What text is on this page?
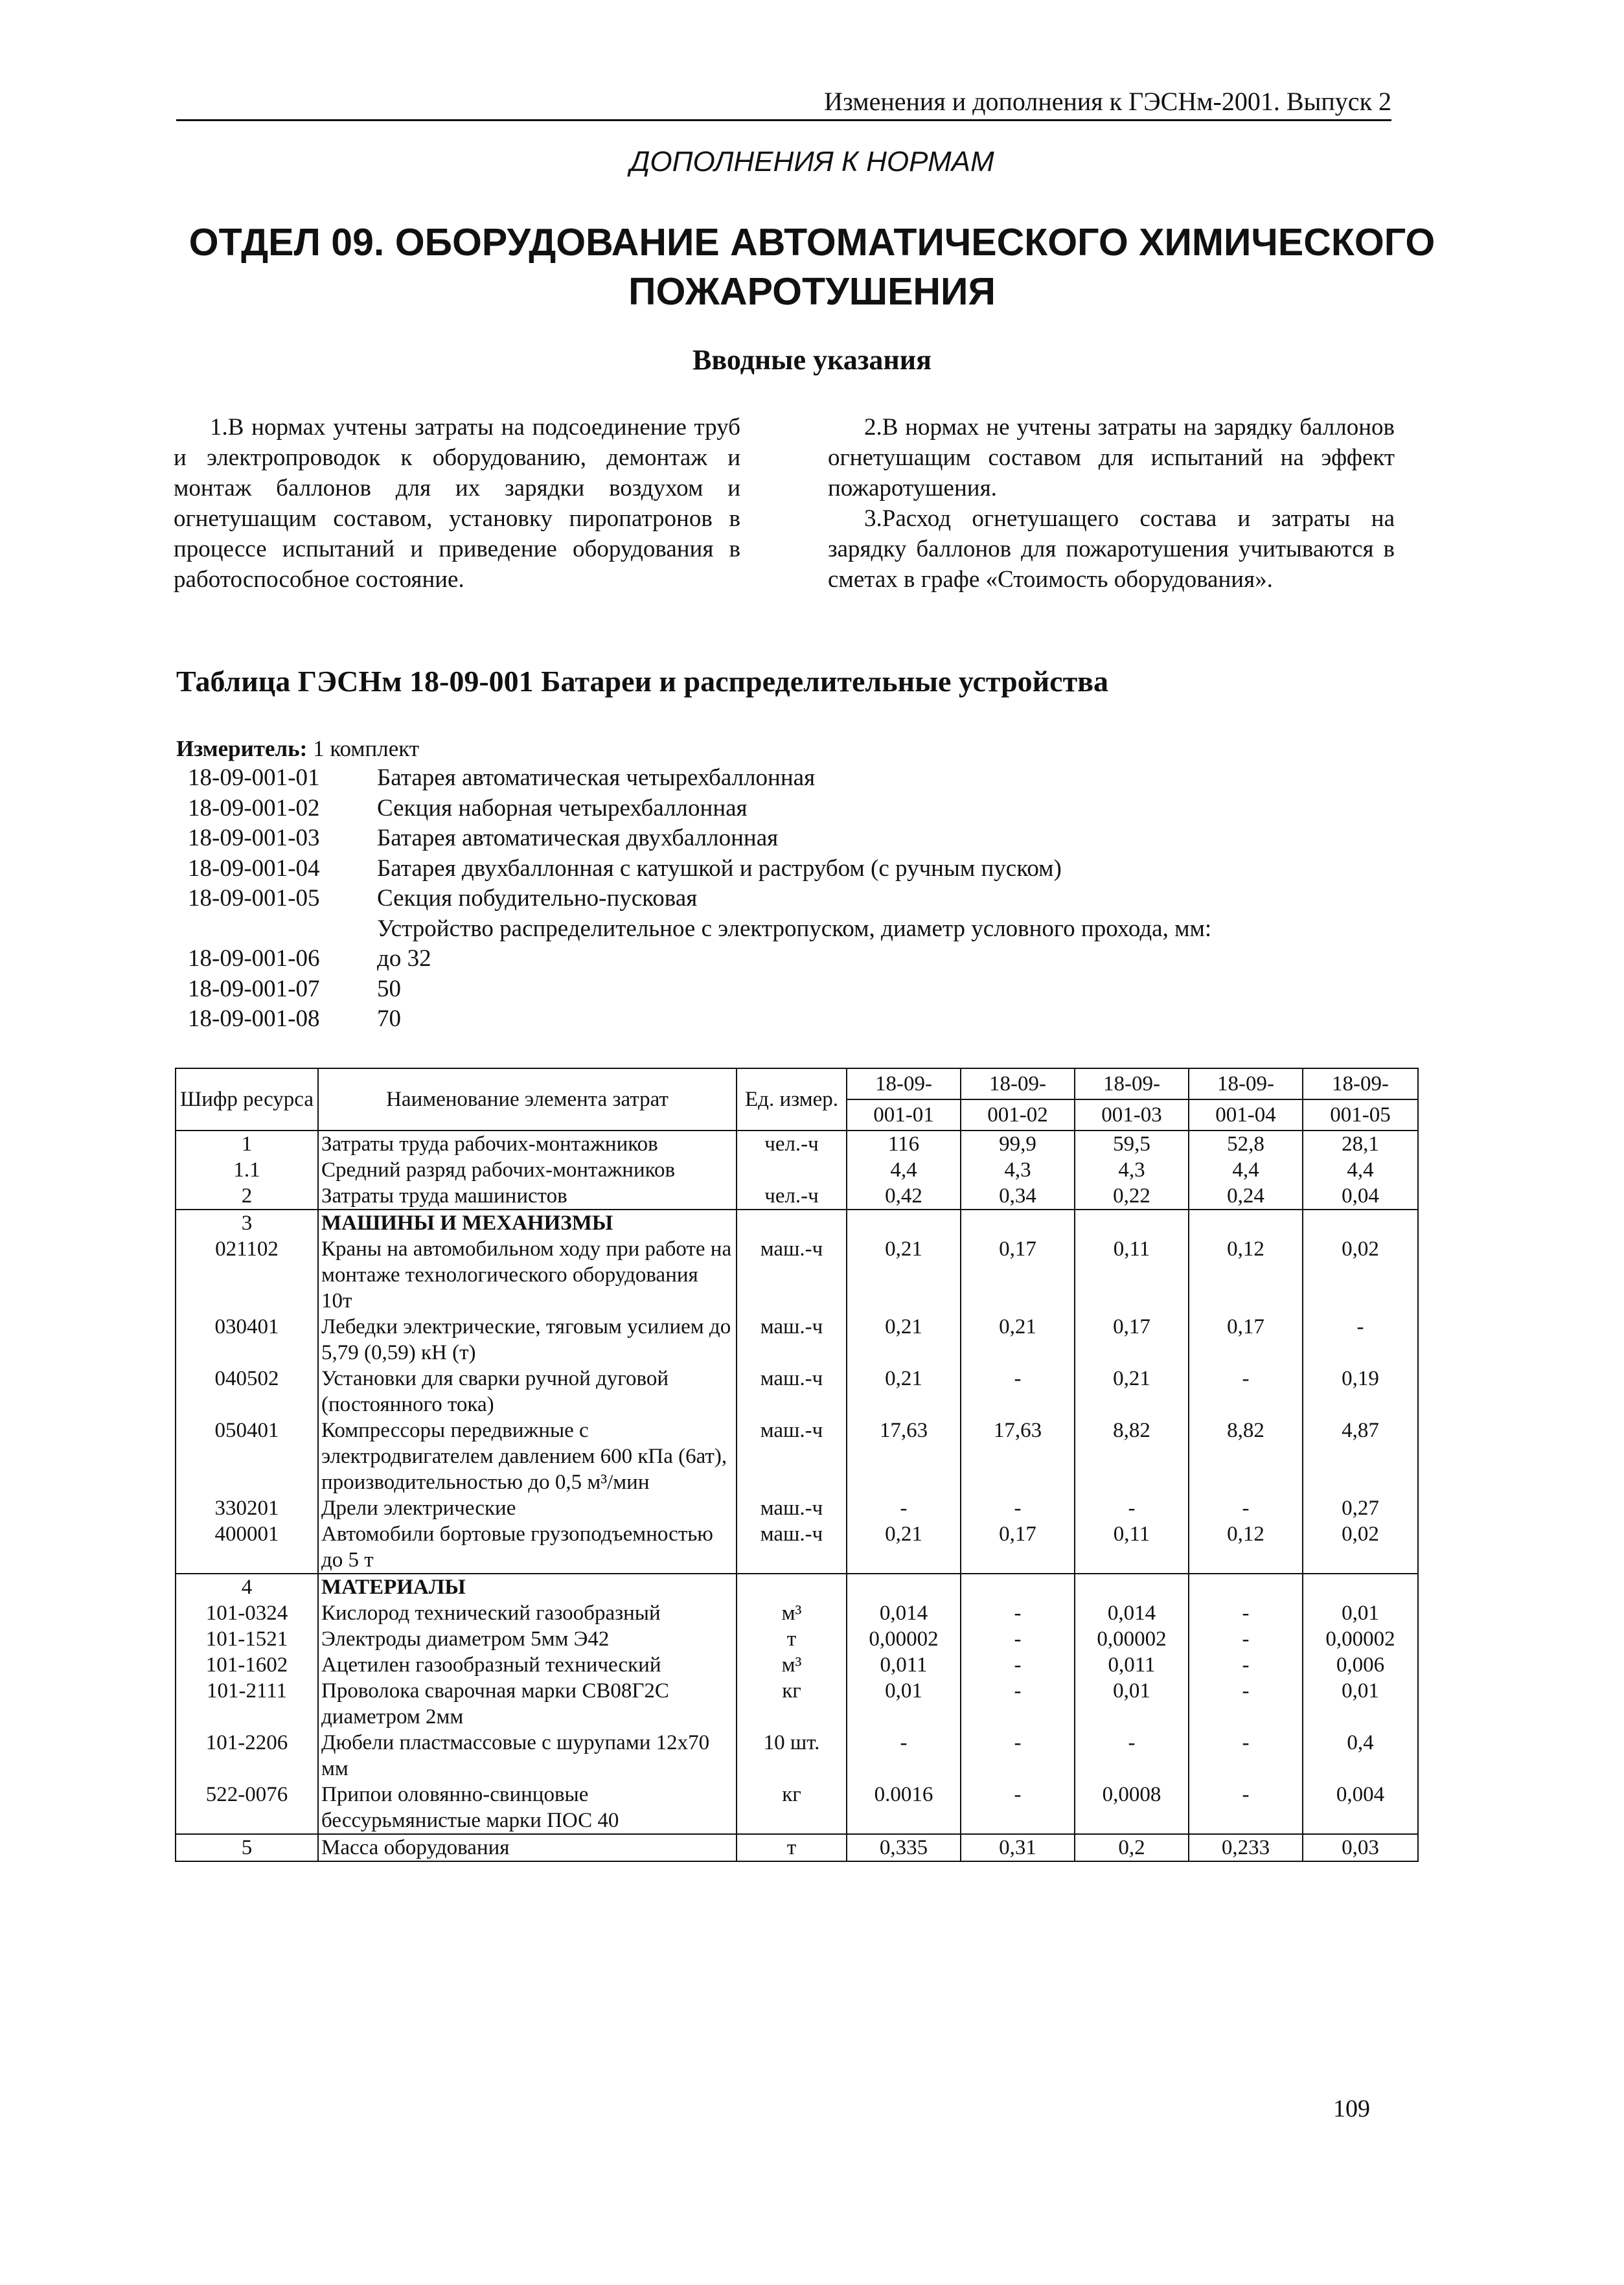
Изменения и дополнения к ГЭСНм-2001. Выпуск 2
ДОПОЛНЕНИЯ К НОРМАМ
ОТДЕЛ 09. ОБОРУДОВАНИЕ АВТОМАТИЧЕСКОГО ХИМИЧЕСКОГО ПОЖАРОТУШЕНИЯ
Вводные указания

1.В нормах учтены затраты на подсоединение труб и электропроводок к оборудованию, демонтаж и монтаж баллонов для их зарядки воздухом и огнетушащим составом, установку пиропатронов в процессе испытаний и приведение оборудования в работоспособное состояние.

2.В нормах не учтены затраты на зарядку баллонов огнетушащим составом для испытаний на эффект пожаротушения.

3.Расход огнетушащего состава и затраты на зарядку баллонов для пожаротушения учитываются в сметах в графе «Стоимость оборудования».

Таблица ГЭСНм 18-09-001 Батареи и распределительные устройства
Измеритель: 1 комплект
18-09-001-01	Батарея автоматическая четырехбаллонная
18-09-001-02	Секция наборная четырехбаллонная
18-09-001-03	Батарея автоматическая двухбаллонная
18-09-001-04	Батарея двухбаллонная с катушкой и раструбом (с ручным пуском)
18-09-001-05	Секция побудительно-пусковая
Устройство распределительное с электропуском, диаметр условного прохода, мм:
18-09-001-06	до 32
18-09-001-07	50
18-09-001-08	70
Шифр ресурса	Наименование элемента затрат	Ед. измер.	18-09-	18-09-	18-09-	18-09-	18-09-
			001-01	001-02	001-03	001-04	001-05
1	Затраты труда рабочих-монтажников	чел.-ч	116	99,9	59,5	52,8	28,1
1.1	Средний разряд рабочих-монтажников		4,4	4,3	4,3	4,4	4,4
2	Затраты труда машинистов	чел.-ч	0,42	0,34	0,22	0,24	0,04
3	МАШИНЫ И МЕХАНИЗМЫ						
021102	Краны на автомобильном ходу при работе на монтаже технологического оборудования 10т	маш.-ч	0,21	0,17	0,11	0,12	0,02
030401	Лебедки электрические, тяговым усилием до 5,79 (0,59) кН (т)	маш.-ч	0,21	0,21	0,17	0,17	-
040502	Установки для сварки ручной дуговой (постоянного тока)	маш.-ч	0,21	-	0,21	-	0,19
050401	Компрессоры передвижные с электродвигателем давлением 600 кПа (6ат), производительностью до 0,5 м³/мин	маш.-ч	17,63	17,63	8,82	8,82	4,87
330201	Дрели электрические	маш.-ч	-	-	-	-	0,27
400001	Автомобили бортовые грузоподъемностью до 5 т	маш.-ч	0,21	0,17	0,11	0,12	0,02
4	МАТЕРИАЛЫ						
101-0324	Кислород технический газообразный	м³	0,014	-	0,014	-	0,01
101-1521	Электроды диаметром 5мм Э42	т	0,00002	-	0,00002	-	0,00002
101-1602	Ацетилен газообразный технический	м³	0,011	-	0,011	-	0,006
101-2111	Проволока сварочная марки СВ08Г2С диаметром 2мм	кг	0,01	-	0,01	-	0,01
101-2206	Дюбели пластмассовые с шурупами 12х70 мм	10 шт.	-	-	-	-	0,4
522-0076	Припои оловянно-свинцовые бессурьмянистые марки ПОС 40	кг	0.0016	-	0,0008	-	0,004
5	Масса оборудования	т	0,335	0,31	0,2	0,233	0,03
109
